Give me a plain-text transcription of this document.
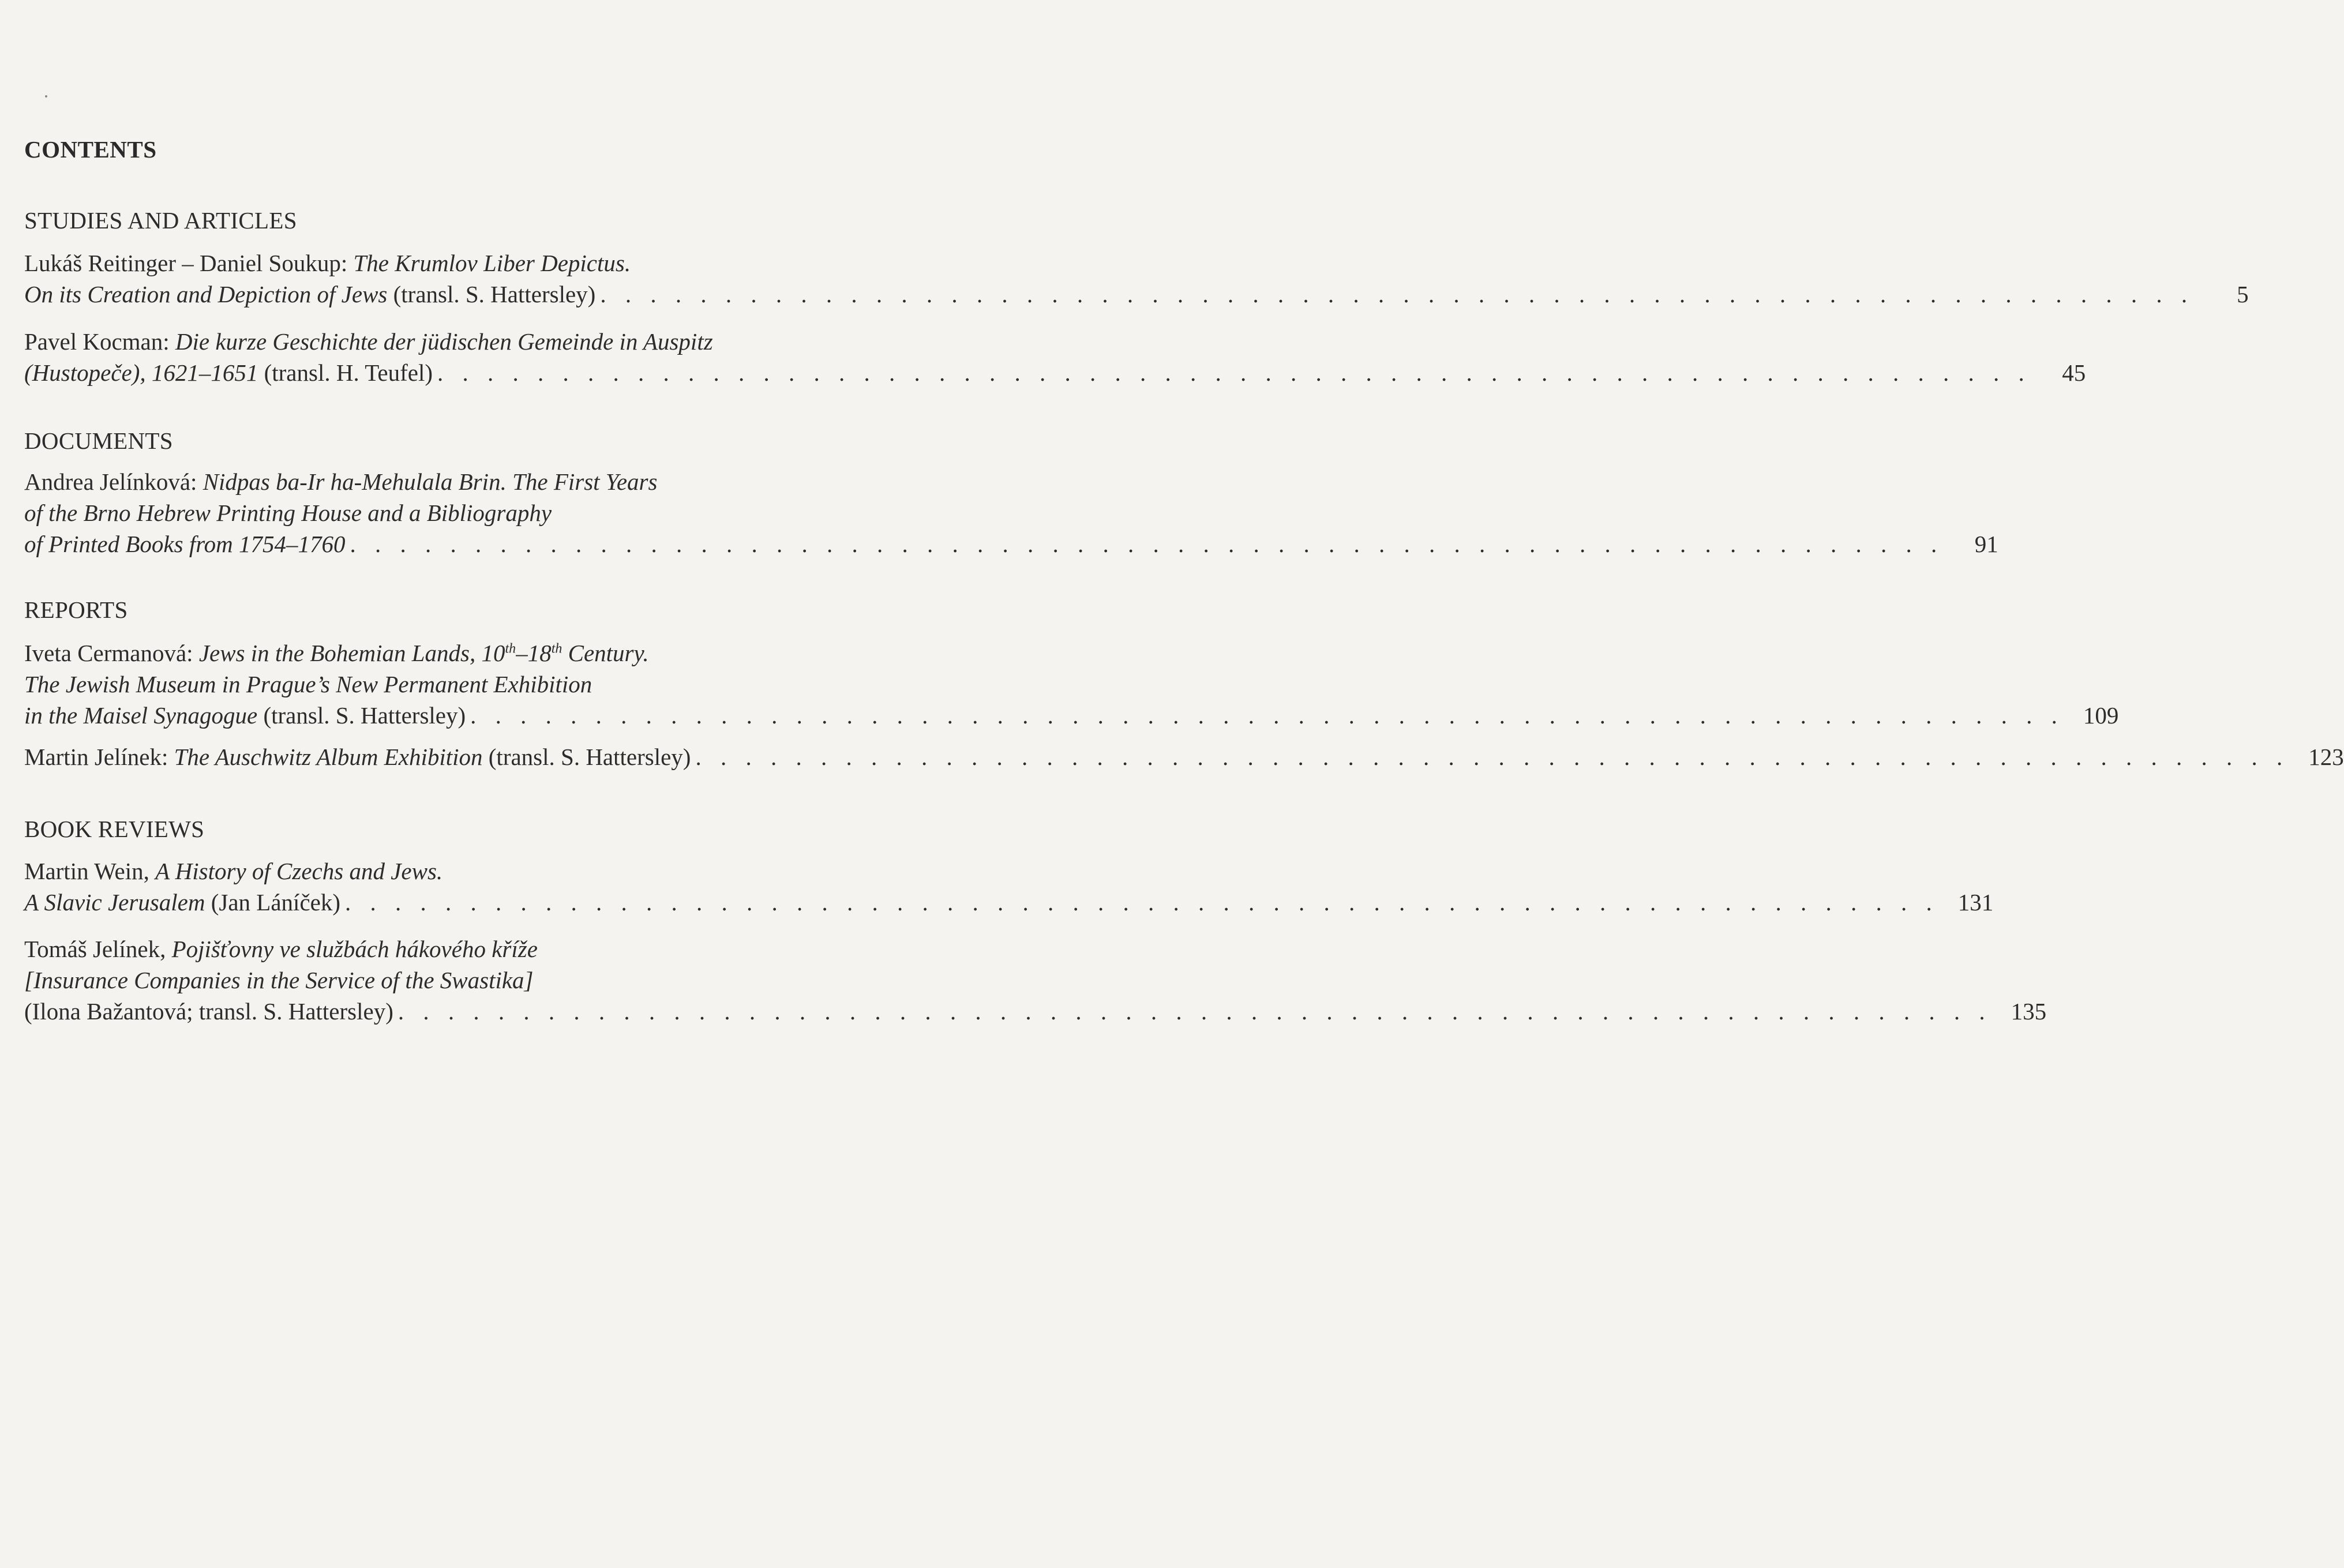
CONTENTS
STUDIES AND ARTICLES
Lukáš Reitinger – Daniel Soukup: The Krumlov Liber Depictus.
On its Creation and Depiction of Jews (transl. S. Hattersley) . . . . . . . . . . . . . . . . . . . . . . . . . . . . . . . . . . . . . . . . . . . . . . . . . . . . . . . . . . . . . . . .	5
Pavel Kocman: Die kurze Geschichte der jüdischen Gemeinde in Auspitz
(Hustopeče), 1621–1651 (transl. H. Teufel) . . . . . . . . . . . . . . . . . . . . . . . . . . . . . . . . . . . . . . . . . . . . . . . . . . . . . . . . . . . . . . . .	45
DOCUMENTS
Andrea Jelínková: Nidpas ba-Ir ha-Mehulala Brin. The First Years
of the Brno Hebrew Printing House and a Bibliography
of Printed Books from 1754–1760 . . . . . . . . . . . . . . . . . . . . . . . . . . . . . . . . . . . . . . . . . . . . . . . . . . . . . . . . . . . . . . . .	91
REPORTS
Iveta Cermanová: Jews in the Bohemian Lands, 10th–18th Century.
The Jewish Museum in Prague’s New Permanent Exhibition
in the Maisel Synagogue (transl. S. Hattersley) . . . . . . . . . . . . . . . . . . . . . . . . . . . . . . . . . . . . . . . . . . . . . . . . . . . . . . . . . . . . . . . . 109
Martin Jelínek: The Auschwitz Album Exhibition (transl. S. Hattersley) . . . . . . . . . . . . . . . . . . . . . . . . . . . . . . . . . . . . . . . . . . . . . . . . . . . . . . . . . . . . . . . . 123
BOOK REVIEWS
Martin Wein, A History of Czechs and Jews.
A Slavic Jerusalem (Jan Láníček) . . . . . . . . . . . . . . . . . . . . . . . . . . . . . . . . . . . . . . . . . . . . . . . . . . . . . . . . . . . . . . . . 131
Tomáš Jelínek, Pojišťovny ve službách hákového kříže
[Insurance Companies in the Service of the Swastika]
(Ilona Bažantová; transl. S. Hattersley) . . . . . . . . . . . . . . . . . . . . . . . . . . . . . . . . . . . . . . . . . . . . . . . . . . . . . . . . . . . . . . . . 135
